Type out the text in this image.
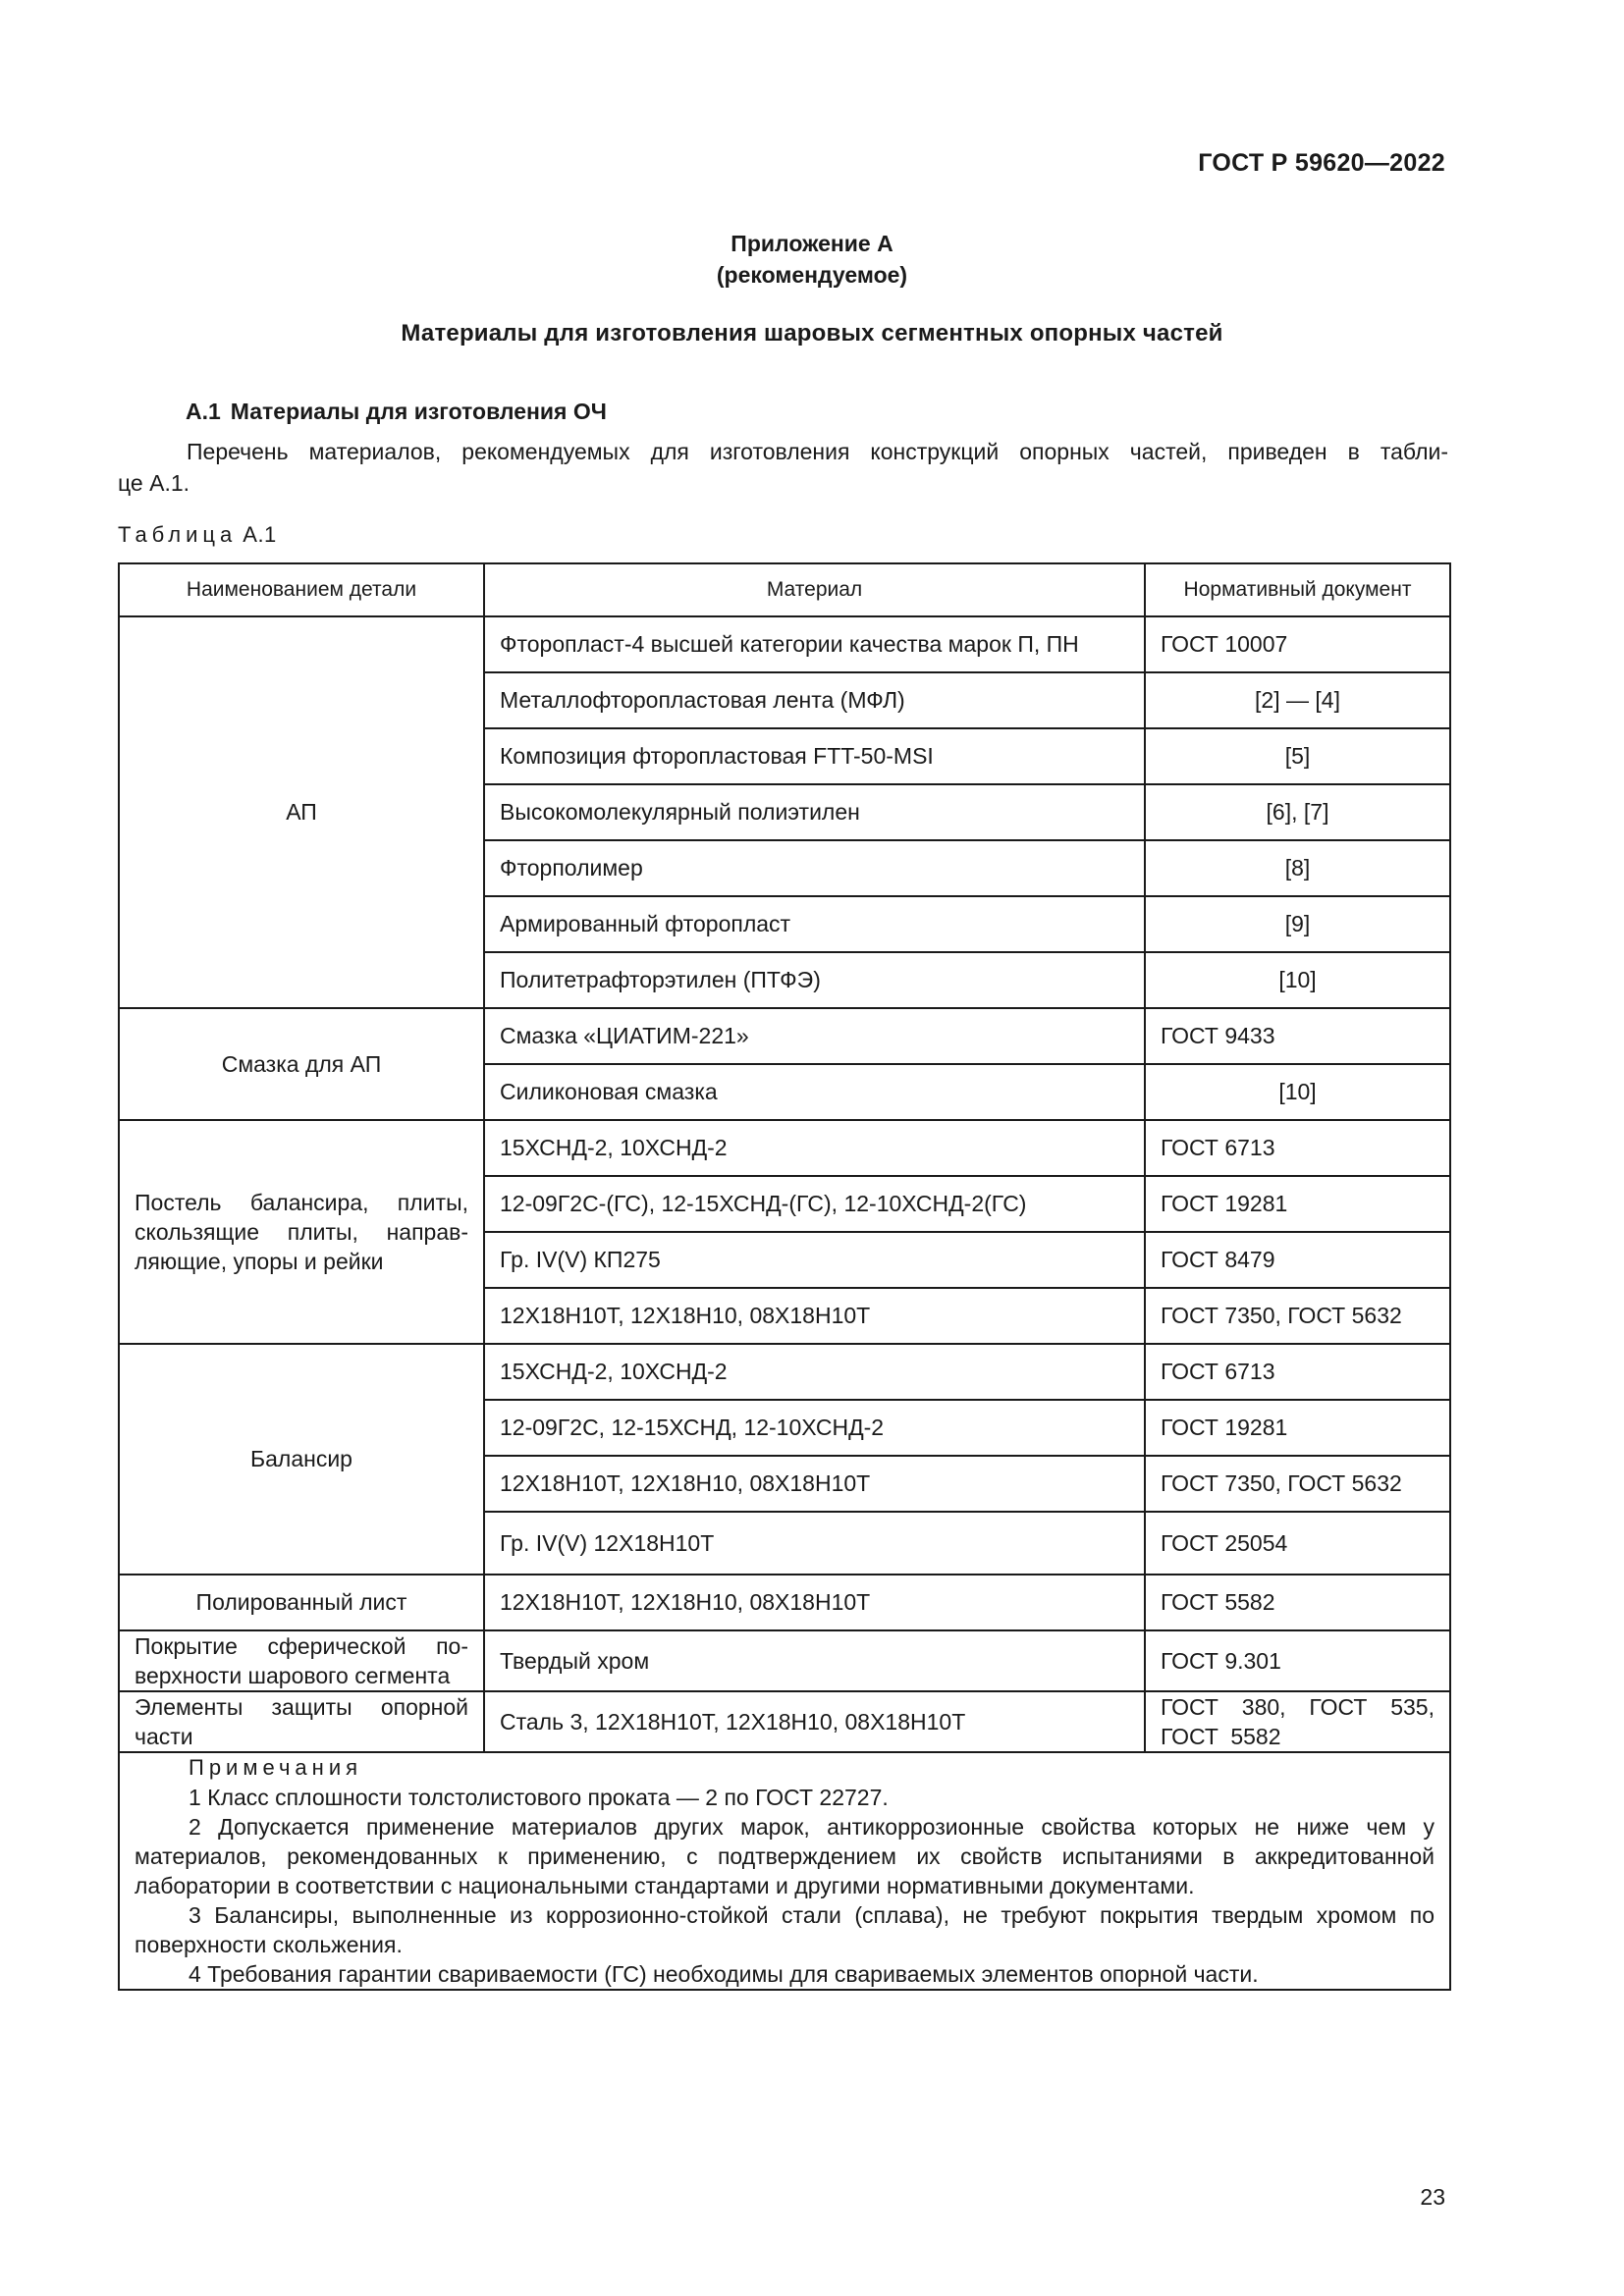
ГОСТ Р 59620—2022
Приложение А
(рекомендуемое)
Материалы для изготовления шаровых сегментных опорных частей
А.1 Материалы для изготовления ОЧ
Перечень материалов, рекомендуемых для изготовления конструкций опорных частей, приведен в табли-
це А.1.
Таблица А.1
Наименованием детали	Материал	Нормативный документ
АП	Фторопласт-4 высшей категории качества марок П, ПН	ГОСТ 10007
	Металлофторопластовая лента (МФЛ)	[2] — [4]
	Композиция фторопластовая FTT-50-MSI	[5]
	Высокомолекулярный полиэтилен	[6], [7]
	Фторполимер	[8]
	Армированный фторопласт	[9]
	Политетрафторэтилен (ПТФЭ)	[10]
Смазка для АП	Смазка «ЦИАТИМ-221»	ГОСТ 9433
	Силиконовая смазка	[10]
Постель балансира, плиты, скользящие плиты, направ-ляющие, упоры и рейки	15ХСНД-2, 10ХСНД-2	ГОСТ 6713
	12-09Г2С-(ГС), 12-15ХСНД-(ГС), 12-10ХСНД-2(ГС)	ГОСТ 19281
	Гр. IV(V) КП275	ГОСТ 8479
	12Х18Н10Т, 12Х18Н10, 08Х18Н10Т	ГОСТ 7350, ГОСТ 5632
Балансир	15ХСНД-2, 10ХСНД-2	ГОСТ 6713
	12-09Г2С, 12-15ХСНД, 12-10ХСНД-2	ГОСТ 19281
	12Х18Н10Т, 12Х18Н10, 08Х18Н10Т	ГОСТ 7350, ГОСТ 5632
	Гр. IV(V) 12Х18Н10Т	ГОСТ 25054
Полированный лист	12Х18Н10Т, 12Х18Н10, 08Х18Н10Т	ГОСТ 5582
Покрытие сферической по-верхности шарового сегмента	Твердый хром	ГОСТ 9.301
Элементы защиты опорной части	Сталь 3, 12Х18Н10Т, 12Х18Н10, 08Х18Н10Т	ГОСТ 380, ГОСТ 535, ГОСТ 5582

Примечания
1 Класс сплошности толстолистового проката — 2 по ГОСТ 22727.
2 Допускается применение материалов других марок, антикоррозионные свойства которых не ниже чем у материалов, рекомендованных к применению, с подтверждением их свойств испытаниями в аккредитованной лаборатории в соответствии с национальными стандартами и другими нормативными документами.
3 Балансиры, выполненные из коррозионно-стойкой стали (сплава), не требуют покрытия твердым хромом по поверхности скольжения.
4 Требования гарантии свариваемости (ГС) необходимы для свариваемых элементов опорной части.		
23
